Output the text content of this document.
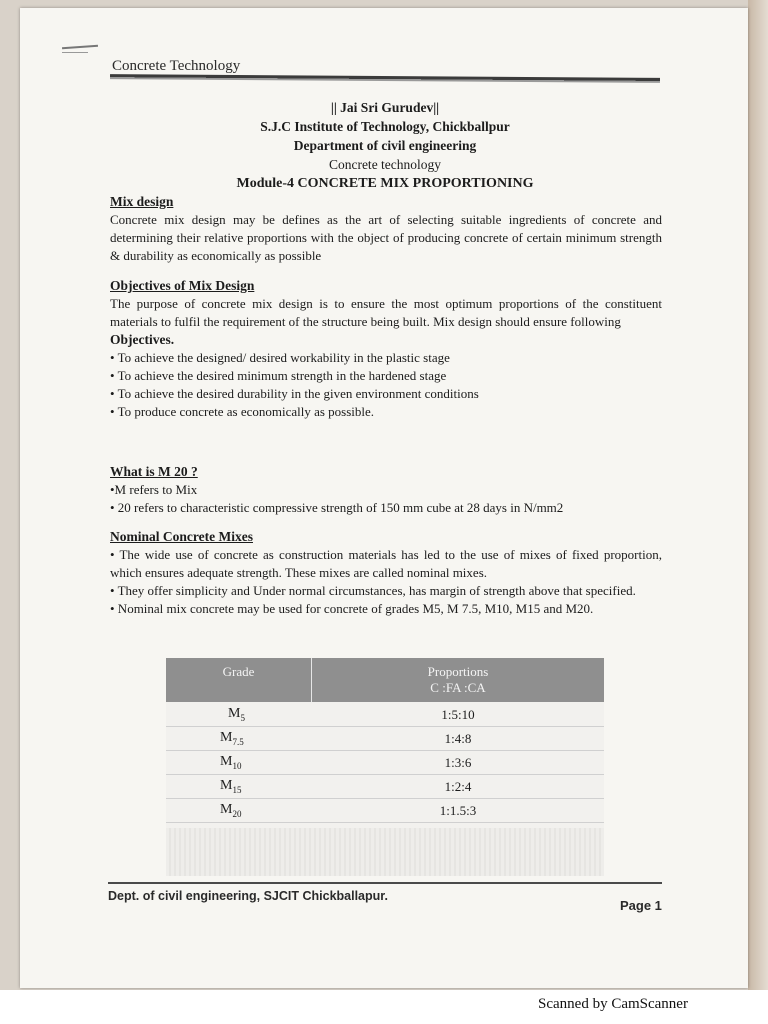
Concrete Technology
|| Jai Sri Gurudev||
S.J.C Institute of Technology, Chickballpur
Department of civil engineering
Concrete technology
Module-4 CONCRETE MIX PROPORTIONING
Mix design
Concrete mix design may be defines as the art of selecting suitable ingredients of concrete and determining their relative proportions with the object of producing concrete of certain minimum strength & durability as economically as possible
Objectives of Mix Design
The purpose of concrete mix design is to ensure the most optimum proportions of the constituent materials to fulfil the requirement of the structure being built. Mix design should ensure following
Objectives.
• To achieve the designed/ desired workability in the plastic stage
• To achieve the desired minimum strength in the hardened stage
• To achieve the desired durability in the given environment conditions
• To produce concrete as economically as possible.
What is M 20 ?
•M refers to Mix
• 20 refers to characteristic compressive strength of 150 mm cube at 28 days in N/mm2
Nominal Concrete Mixes
• The wide use of concrete as construction materials has led to the use of mixes of fixed proportion, which ensures adequate strength. These mixes are called nominal mixes.
• They offer simplicity and Under normal circumstances, has margin of strength above that specified.
• Nominal mix concrete may be used for concrete of grades M5, M 7.5, M10, M15 and M20.
Grade	Proportions
C :FA :CA
$M_5$	1:5:10
$M_{7.5}$	1:4:8
$M_{10}$	1:3:6
$M_{15}$	1:2:4
$M_{20}$	1:1.5:3
Dept. of civil engineering, SJCIT Chickballapur.
Page 1
Scanned by CamScanner
